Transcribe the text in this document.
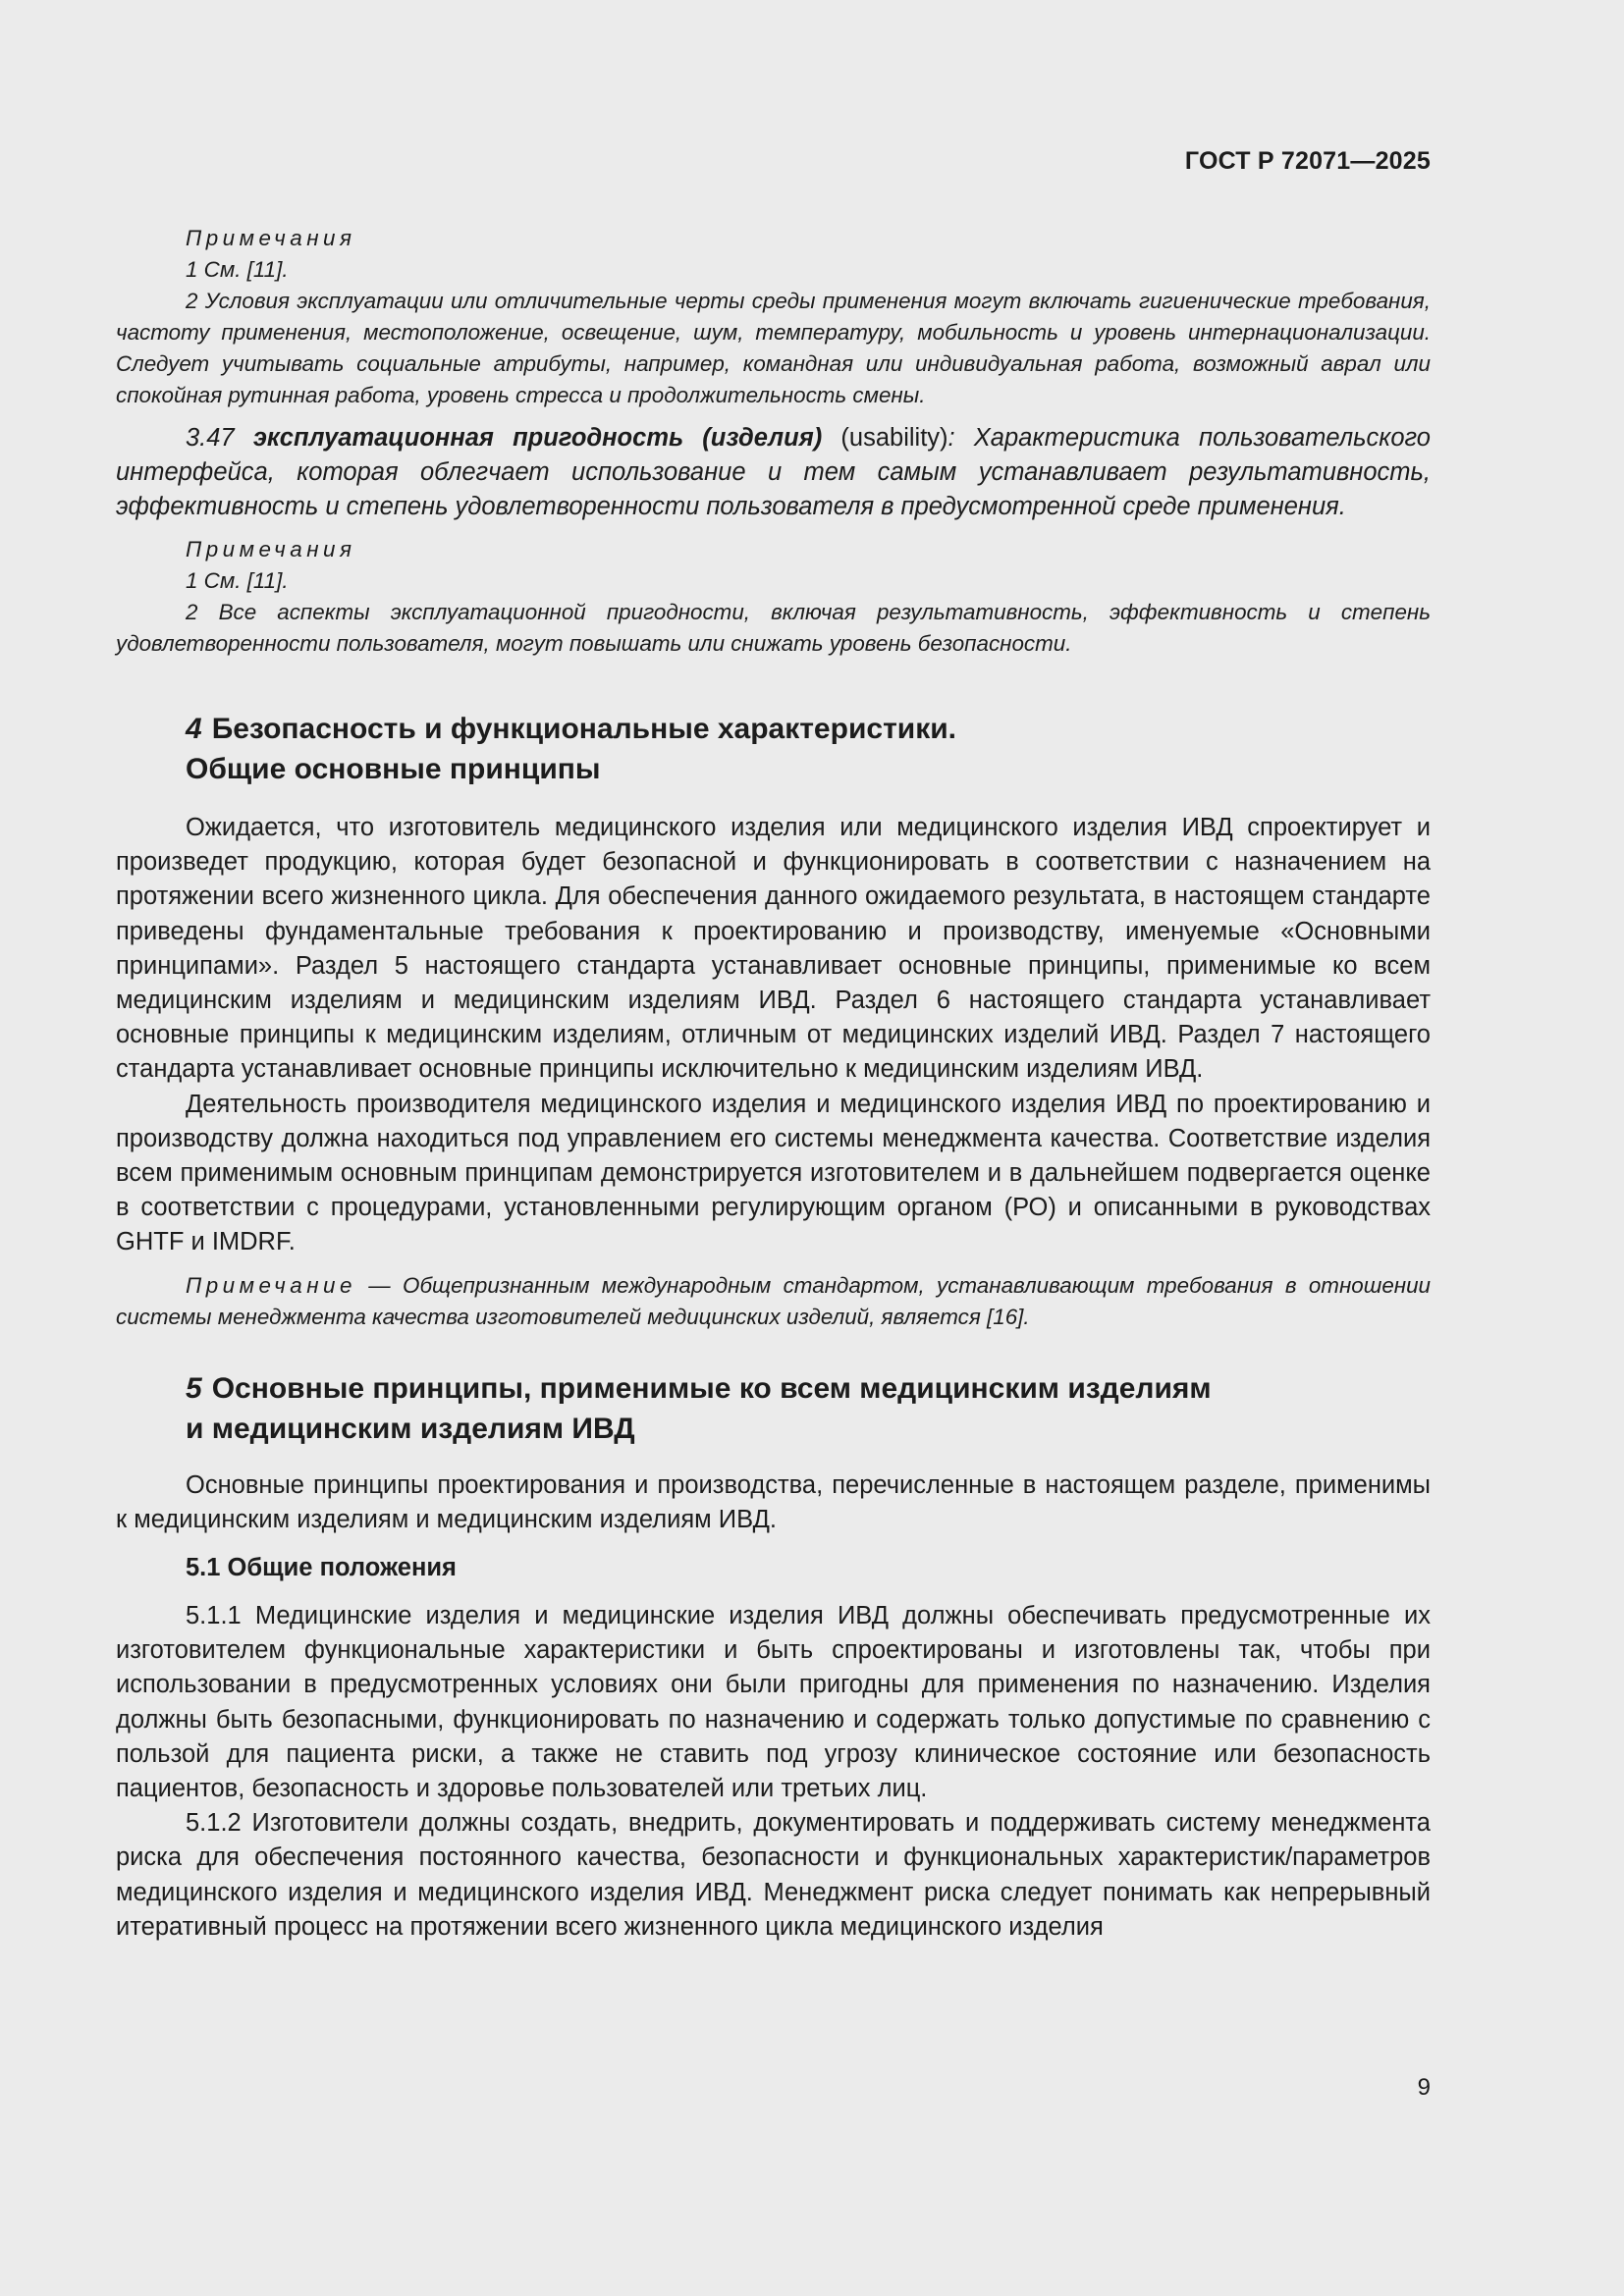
ГОСТ Р 72071—2025
Примечания
1 См. [11].
2 Условия эксплуатации или отличительные черты среды применения могут включать гигиенические требования, частоту применения, местоположение, освещение, шум, температуру, мобильность и уровень интернационализации. Следует учитывать социальные атрибуты, например, командная или индивидуальная работа, возможный аврал или спокойная рутинная работа, уровень стресса и продолжительность смены.
3.47 эксплуатационная пригодность (изделия) (usability): Характеристика пользовательского интерфейса, которая облегчает использование и тем самым устанавливает результативность, эффективность и степень удовлетворенности пользователя в предусмотренной среде применения.
Примечания
1 См. [11].
2 Все аспекты эксплуатационной пригодности, включая результативность, эффективность и степень удовлетворенности пользователя, могут повышать или снижать уровень безопасности.
4 Безопасность и функциональные характеристики.
Общие основные принципы
Ожидается, что изготовитель медицинского изделия или медицинского изделия ИВД спроектирует и произведет продукцию, которая будет безопасной и функционировать в соответствии с назначением на протяжении всего жизненного цикла. Для обеспечения данного ожидаемого результата, в настоящем стандарте приведены фундаментальные требования к проектированию и производству, именуемые «Основными принципами». Раздел 5 настоящего стандарта устанавливает основные принципы, применимые ко всем медицинским изделиям и медицинским изделиям ИВД. Раздел 6 настоящего стандарта устанавливает основные принципы к медицинским изделиям, отличным от медицинских изделий ИВД. Раздел 7 настоящего стандарта устанавливает основные принципы исключительно к медицинским изделиям ИВД.
Деятельность производителя медицинского изделия и медицинского изделия ИВД по проектированию и производству должна находиться под управлением его системы менеджмента качества. Соответствие изделия всем применимым основным принципам демонстрируется изготовителем и в дальнейшем подвергается оценке в соответствии с процедурами, установленными регулирующим органом (РО) и описанными в руководствах GHTF и IMDRF.
Примечание — Общепризнанным международным стандартом, устанавливающим требования в отношении системы менеджмента качества изготовителей медицинских изделий, является [16].
5 Основные принципы, применимые ко всем медицинским изделиям
и медицинским изделиям ИВД
Основные принципы проектирования и производства, перечисленные в настоящем разделе, применимы к медицинским изделиям и медицинским изделиям ИВД.
5.1 Общие положения
5.1.1 Медицинские изделия и медицинские изделия ИВД должны обеспечивать предусмотренные их изготовителем функциональные характеристики и быть спроектированы и изготовлены так, чтобы при использовании в предусмотренных условиях они были пригодны для применения по назначению. Изделия должны быть безопасными, функционировать по назначению и содержать только допустимые по сравнению с пользой для пациента риски, а также не ставить под угрозу клиническое состояние или безопасность пациентов, безопасность и здоровье пользователей или третьих лиц.
5.1.2 Изготовители должны создать, внедрить, документировать и поддерживать систему менеджмента риска для обеспечения постоянного качества, безопасности и функциональных характеристик/параметров медицинского изделия и медицинского изделия ИВД. Менеджмент риска следует понимать как непрерывный итеративный процесс на протяжении всего жизненного цикла медицинского изделия
9
